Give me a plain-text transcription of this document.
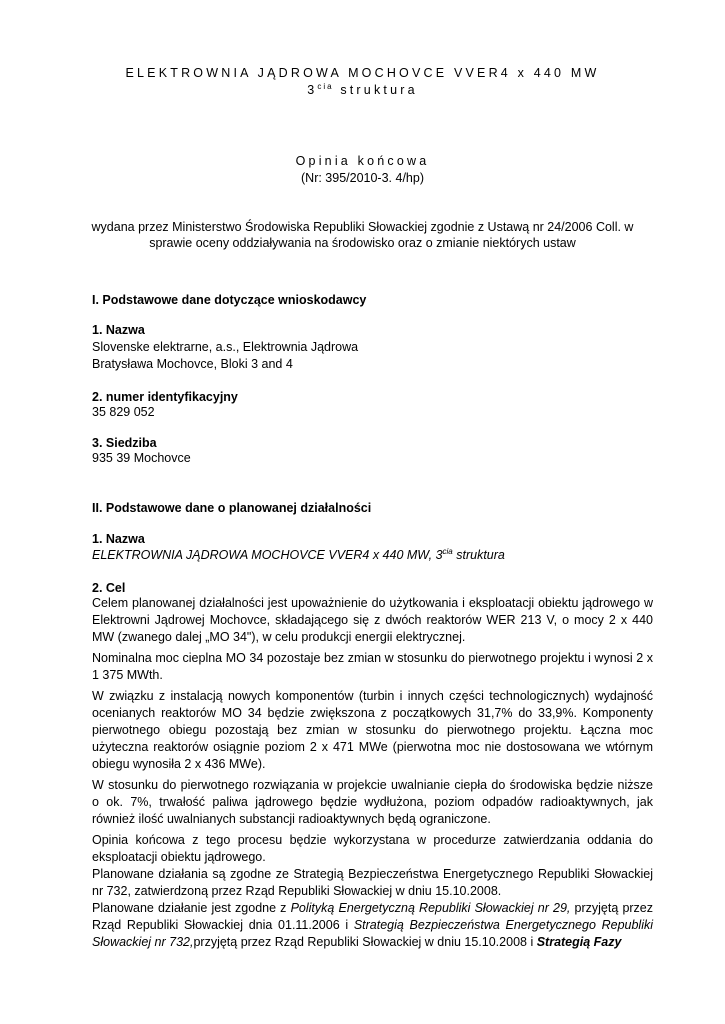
ELEKTROWNIA JĄDROWA MOCHOVCE VVER4 x 440 MW
$3^{cia}$ struktura
Opinia końcowa
(Nr: 395/2010-3. 4/hp)
wydana przez Ministerstwo Środowiska Republiki Słowackiej zgodnie z Ustawą nr 24/2006 Coll. w sprawie oceny oddziaływania na środowisko oraz o zmianie niektórych ustaw
I. Podstawowe dane dotyczące wnioskodawcy
1. Nazwa
Slovenske elektrarne, a.s., Elektrownia Jądrowa
Bratysława Mochovce, Bloki 3 and 4
2. numer identyfikacyjny
35 829 052
3. Siedziba
935 39 Mochovce
II. Podstawowe dane o planowanej działalności
1. Nazwa
ELEKTROWNIA JĄDROWA MOCHOVCE VVER4 x 440 MW, $3^{cia}$ struktura
2. Cel

Celem planowanej działalności jest upoważnienie do użytkowania i eksploatacji obiektu jądrowego w Elektrowni Jądrowej Mochovce, składającego się z dwóch reaktorów WER 213 V, o mocy 2 x 440 MW (zwanego dalej „MO 34"), w celu produkcji energii elektrycznej.

Nominalna moc cieplna MO 34 pozostaje bez zmian w stosunku do pierwotnego projektu i wynosi 2 x 1 375 MWth.

W związku z instalacją nowych komponentów (turbin i innych części technologicznych) wydajność ocenianych reaktorów MO 34 będzie zwiększona z początkowych 31,7% do 33,9%. Komponenty pierwotnego obiegu pozostają bez zmian w stosunku do pierwotnego projektu. Łączna moc użyteczna reaktorów osiągnie poziom 2 x 471 MWe (pierwotna moc nie dostosowana we wtórnym obiegu wynosiła 2 x 436 MWe).

W stosunku do pierwotnego rozwiązania w projekcie uwalnianie ciepła do środowiska będzie niższe o ok. 7%, trwałość paliwa jądrowego będzie wydłużona, poziom odpadów radioaktywnych, jak również ilość uwalnianych substancji radioaktywnych będą ograniczone.

Opinia końcowa z tego procesu będzie wykorzystana w procedurze zatwierdzania oddania do eksploatacji obiektu jądrowego.

Planowane działania są zgodne ze Strategią Bezpieczeństwa Energetycznego Republiki Słowackiej nr 732, zatwierdzoną przez Rząd Republiki Słowackiej w dniu 15.10.2008.

Planowane działanie jest zgodne z Polityką Energetyczną Republiki Słowackiej nr 29, przyjętą przez Rząd Republiki Słowackiej dnia 01.11.2006 i Strategią Bezpieczeństwa Energetycznego Republiki Słowackiej nr 732,przyjętą przez Rząd Republiki Słowackiej w dniu 15.10.2008 i Strategią Fazy
